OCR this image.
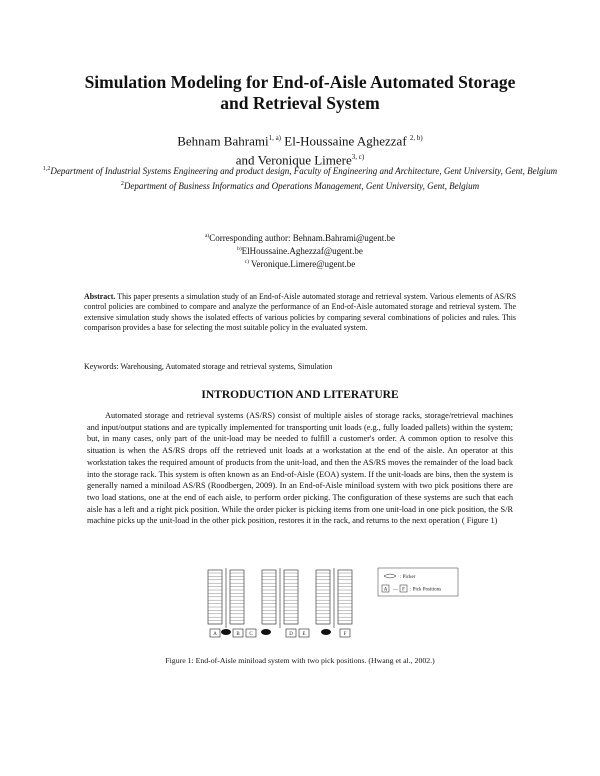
Simulation Modeling for End-of-Aisle Automated Storage
and Retrieval System
Behnam Bahrami$^{1, a)}$ El-Houssaine Aghezzaf $^{2, b)}$
and Veronique Limere$^{3, c)}$
$^{1,2}$Department of Industrial Systems Engineering and product design, Faculty of Engineering and Architecture, Gent University, Gent, Belgium
$^2$Department of Business Informatics and Operations Management, Gent University, Gent, Belgium
$^{a)}$Corresponding author: Behnam.Bahrami@ugent.be
$^{b)}$ElHoussaine.Aghezzaf@ugent.be
$^{c)}$ Veronique.Limere@ugent.be
Abstract. This paper presents a simulation study of an End-of-Aisle automated storage and retrieval system. Various elements of AS/RS control policies are combined to compare and analyze the performance of an End-of-Aisle automated storage and retrieval system. The extensive simulation study shows the isolated effects of various policies by comparing several combinations of policies and rules. This comparison provides a base for selecting the most suitable policy in the evaluated system.
Keywords: Warehousing, Automated storage and retrieval systems, Simulation
INTRODUCTION AND LITERATURE
Automated storage and retrieval systems (AS/RS) consist of multiple aisles of storage racks, storage/retrieval machines and input/output stations and are typically implemented for transporting unit loads (e.g., fully loaded pallets) within the system; but, in many cases, only part of the unit-load may be needed to fulfill a customer's order. A common option to resolve this situation is when the AS/RS drops off the retrieved unit loads at a workstation at the end of the aisle. An operator at this workstation takes the required amount of products from the unit-load, and then the AS/RS moves the remainder of the load back into the storage rack. This system is often known as an End-of-Aisle (EOA) system. If the unit-loads are bins, then the system is generally named a miniload AS/RS (Roodbergen, 2009). In an End-of-Aisle miniload system with two pick positions there are two load stations, one at the end of each aisle, to perform order picking. The configuration of these systems are such that each aisle has a left and a right pick position. While the order picker is picking items from one unit-load in one pick position, the S/R machine picks up the unit-load in the other pick position, restores it in the rack, and returns to the next operation ( Figure 1)
A	B C	D E	F
: Picker
A — F : Pick Positions
Figure 1: End-of-Aisle miniload system with two pick positions. (Hwang et al., 2002.)
